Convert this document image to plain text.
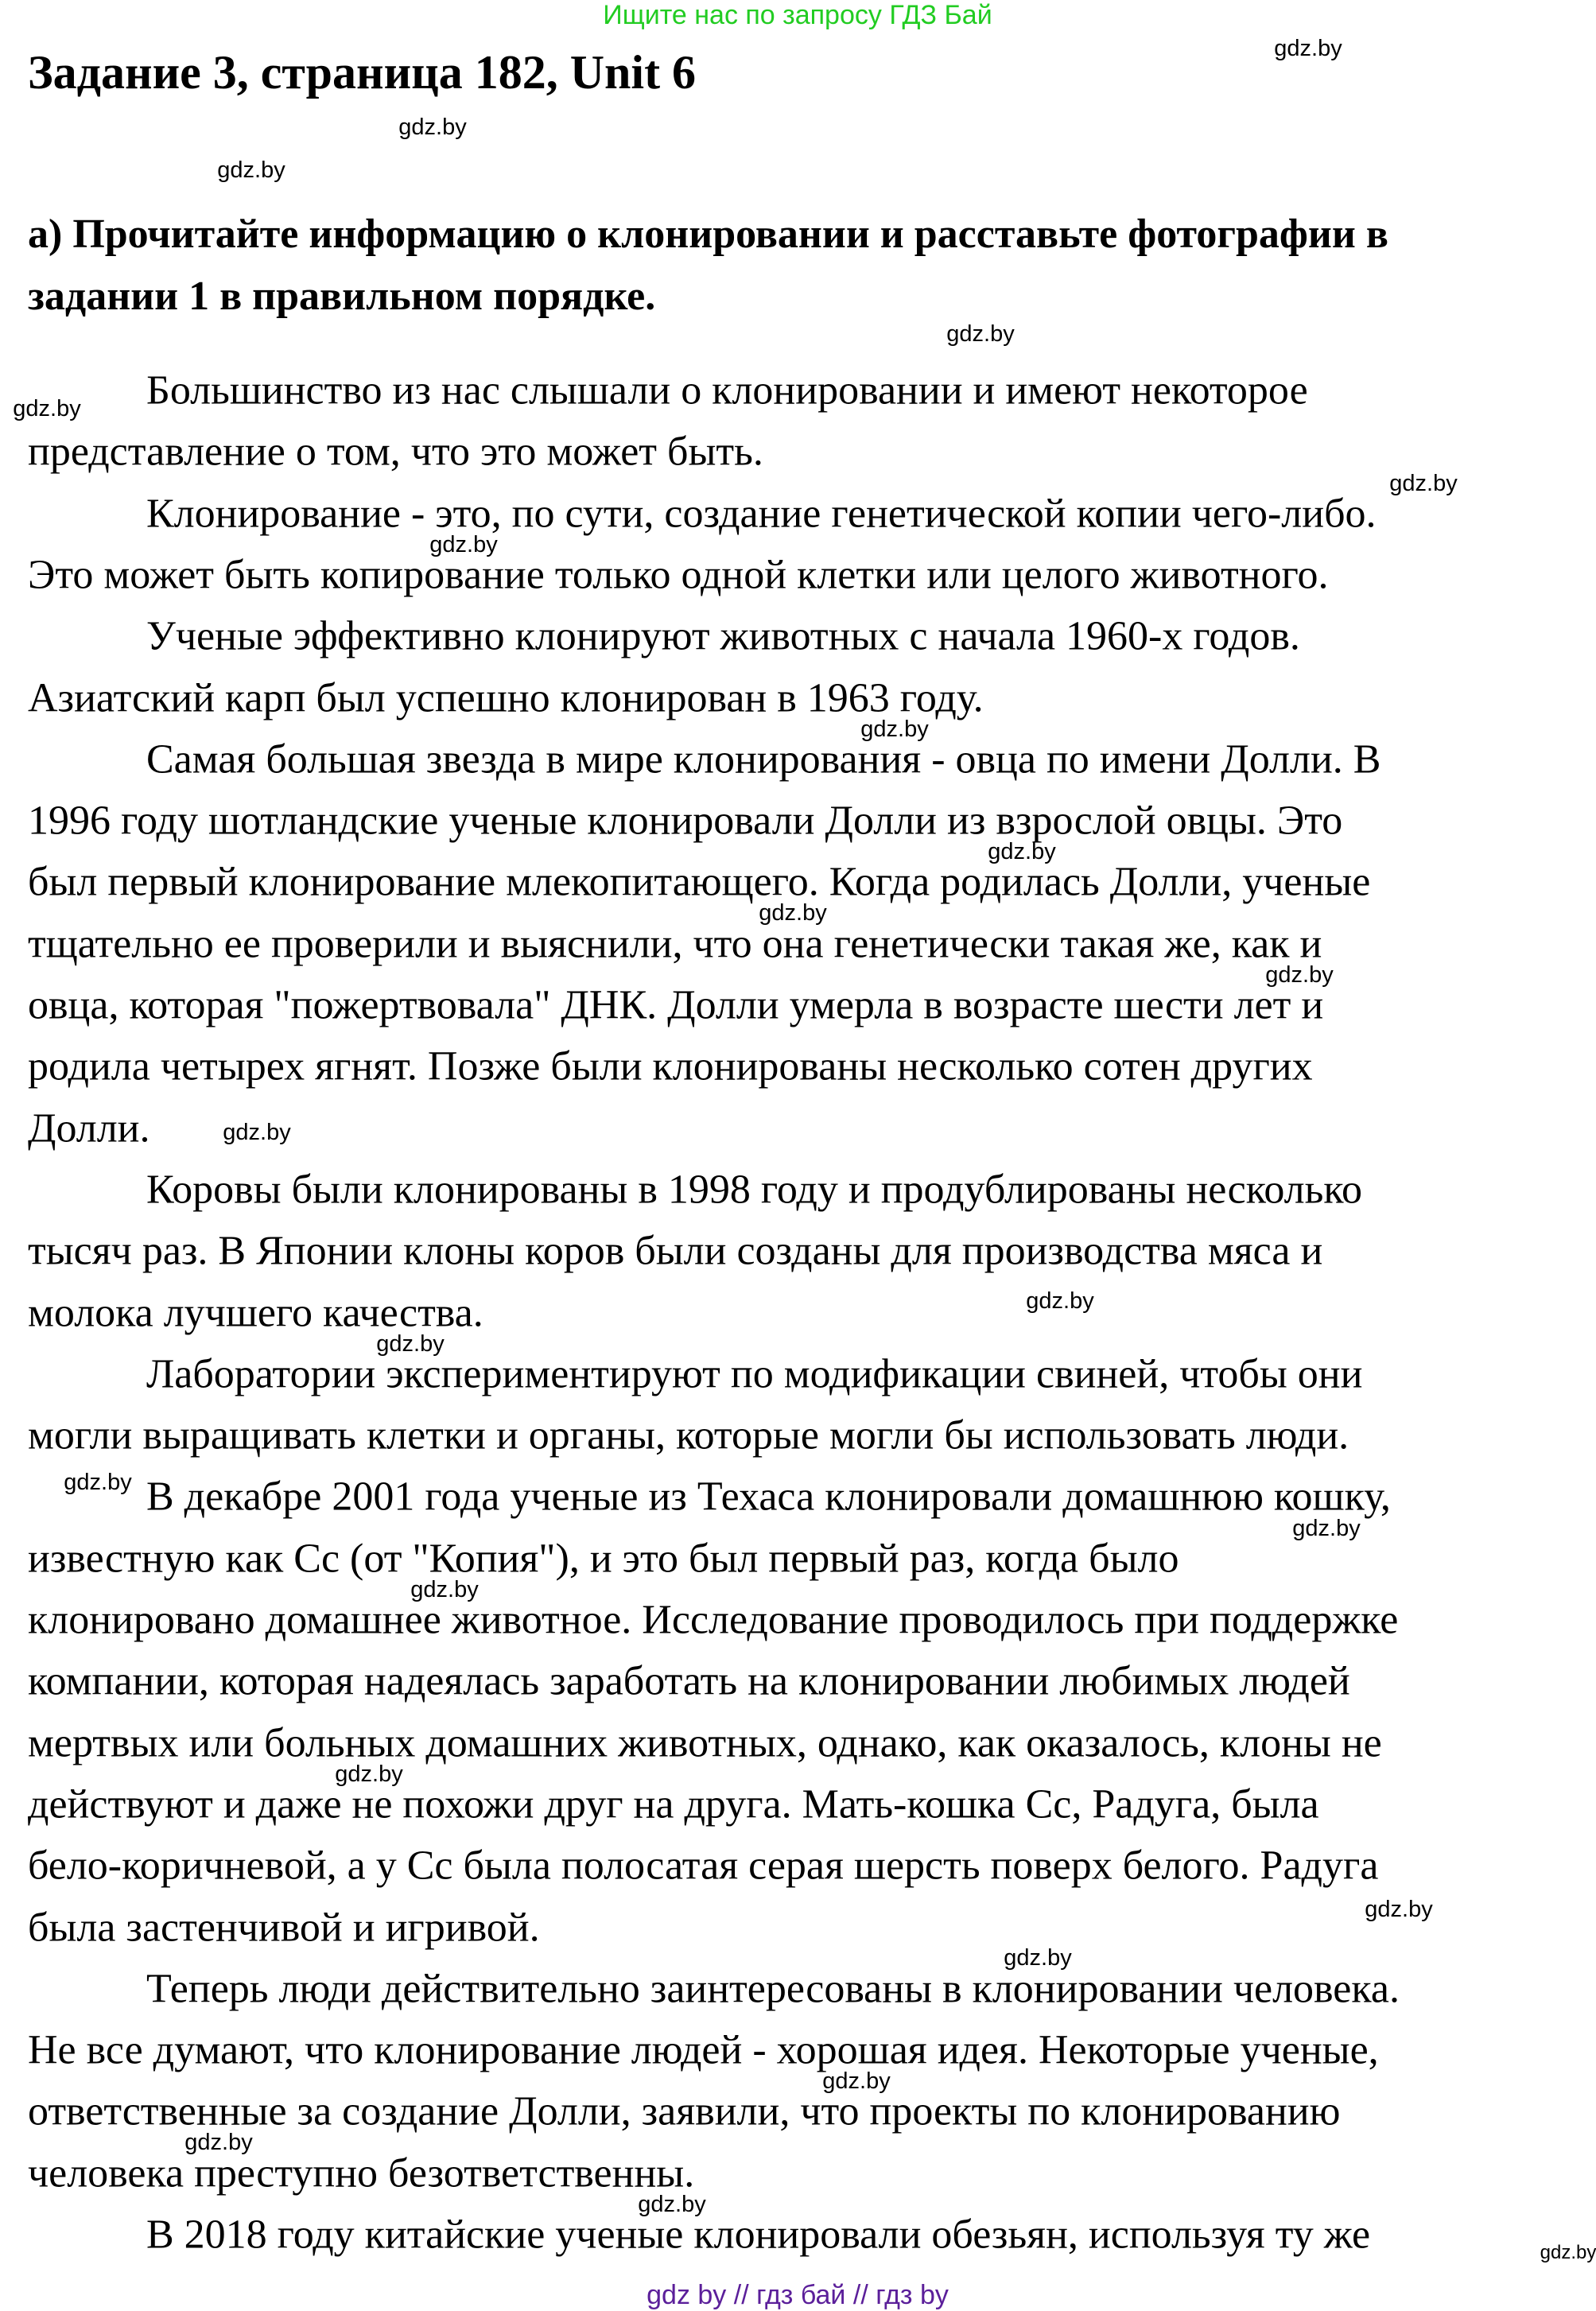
Ищите нас по запросу ГДЗ Бай
Задание 3, страница 182, Unit 6
а) Прочитайте информацию о клонировании и расставьте фотографии в
задании 1 в правильном порядке.
Большинство из нас слышали о клонировании и имеют некоторое
представление о том, что это может быть.
Клонирование - это, по сути, создание генетической копии чего-либо.
Это может быть копирование только одной клетки или целого животного.
Ученые эффективно клонируют животных с начала 1960-х годов.
Азиатский карп был успешно клонирован в 1963 году.
Самая большая звезда в мире клонирования - овца по имени Долли. В
1996 году шотландские ученые клонировали Долли из взрослой овцы. Это
был первый клонирование млекопитающего. Когда родилась Долли, ученые
тщательно ее проверили и выяснили, что она генетически такая же, как и
овца, которая "пожертвовала" ДНК. Долли умерла в возрасте шести лет и
родила четырех ягнят. Позже были клонированы несколько сотен других
Долли.
Коровы были клонированы в 1998 году и продублированы несколько
тысяч раз. В Японии клоны коров были созданы для производства мяса и
молока лучшего качества.
Лаборатории экспериментируют по модификации свиней, чтобы они
могли выращивать клетки и органы, которые могли бы использовать люди.
В декабре 2001 года ученые из Техаса клонировали домашнюю кошку,
известную как Cc (от "Копия"), и это был первый раз, когда было
клонировано домашнее животное. Исследование проводилось при поддержке
компании, которая надеялась заработать на клонировании любимых людей
мертвых или больных домашних животных, однако, как оказалось, клоны не
действуют и даже не похожи друг на друга. Мать-кошка Cc, Радуга, была
бело-коричневой, а у Cc была полосатая серая шерсть поверх белого. Радуга
была застенчивой и игривой.
Теперь люди действительно заинтересованы в клонировании человека.
Не все думают, что клонирование людей - хорошая идея. Некоторые ученые,
ответственные за создание Долли, заявили, что проекты по клонированию
человека преступно безответственны.
В 2018 году китайские ученые клонировали обезьян, используя ту же
gdz.by
gdz.by
gdz.by
gdz.by
gdz.by
gdz.by
gdz.by
gdz.by
gdz.by
gdz.by
gdz.by
gdz.by
gdz.by
gdz.by
gdz.by
gdz.by
gdz.by
gdz.by
gdz.by
gdz.by
gdz.by
gdz.by
gdz.by
gdz.by
gdz by // гдз бай // гдз by
